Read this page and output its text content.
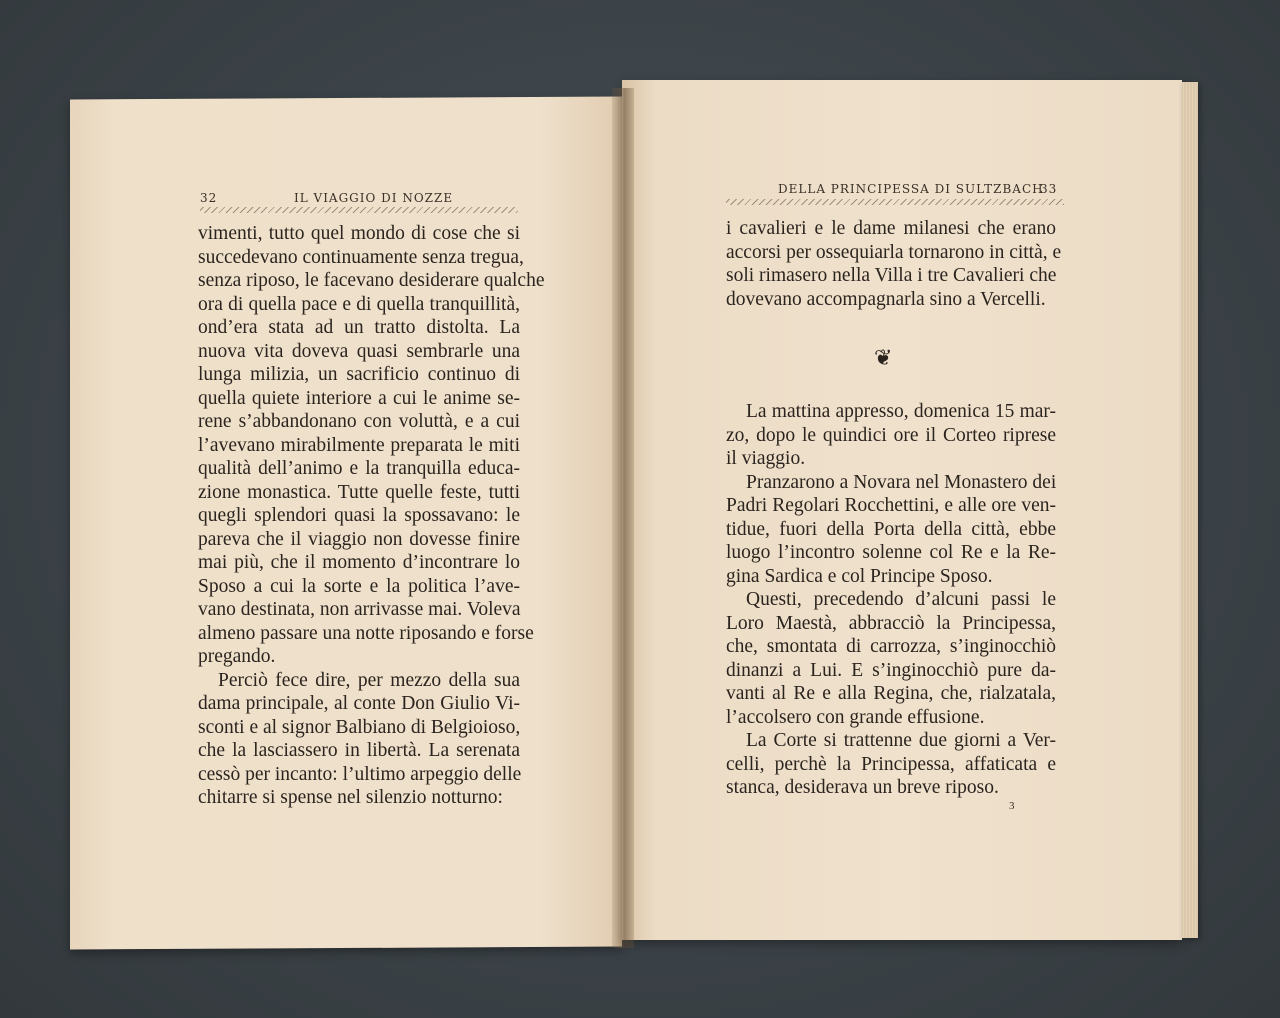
32	IL VIAGGIO DI NOZZE
vimenti, tutto quel mondo di cose che si
succedevano continuamente senza tregua,
senza riposo, le facevano desiderare qualche
ora di quella pace e di quella tranquillità,
ond’era stata ad un tratto distolta. La
nuova vita doveva quasi sembrarle una
lunga milizia, un sacrificio continuo di
quella quiete interiore a cui le anime se-
rene s’abbandonano con voluttà, e a cui
l’avevano mirabilmente preparata le miti
qualità dell’animo e la tranquilla educa-
zione monastica. Tutte quelle feste, tutti
quegli splendori quasi la spossavano: le
pareva che il viaggio non dovesse finire
mai più, che il momento d’incontrare lo
Sposo a cui la sorte e la politica l’ave-
vano destinata, non arrivasse mai. Voleva
almeno passare una notte riposando e forse
pregando.
Perciò fece dire, per mezzo della sua
dama principale, al conte Don Giulio Vi-
sconti e al signor Balbiano di Belgioioso,
che la lasciassero in libertà. La serenata
cessò per incanto: l’ultimo arpeggio delle
chitarre si spense nel silenzio notturno:
DELLA PRINCIPESSA DI SULTZBACH
33
i cavalieri e le dame milanesi che erano
accorsi per ossequiarla tornarono in città, e
soli rimasero nella Villa i tre Cavalieri che
dovevano accompagnarla sino a Vercelli.
❦
La mattina appresso, domenica 15 mar-
zo, dopo le quindici ore il Corteo riprese
il viaggio.
Pranzarono a Novara nel Monastero dei
Padri Regolari Rocchettini, e alle ore ven-
tidue, fuori della Porta della città, ebbe
luogo l’incontro solenne col Re e la Re-
gina Sardica e col Principe Sposo.
Questi, precedendo d’alcuni passi le
Loro Maestà, abbracciò la Principessa,
che, smontata di carrozza, s’inginocchiò
dinanzi a Lui. E s’inginocchiò pure da-
vanti al Re e alla Regina, che, rialzatala,
l’accolsero con grande effusione.
La Corte si trattenne due giorni a Ver-
celli, perchè la Principessa, affaticata e
stanca, desiderava un breve riposo.
3
